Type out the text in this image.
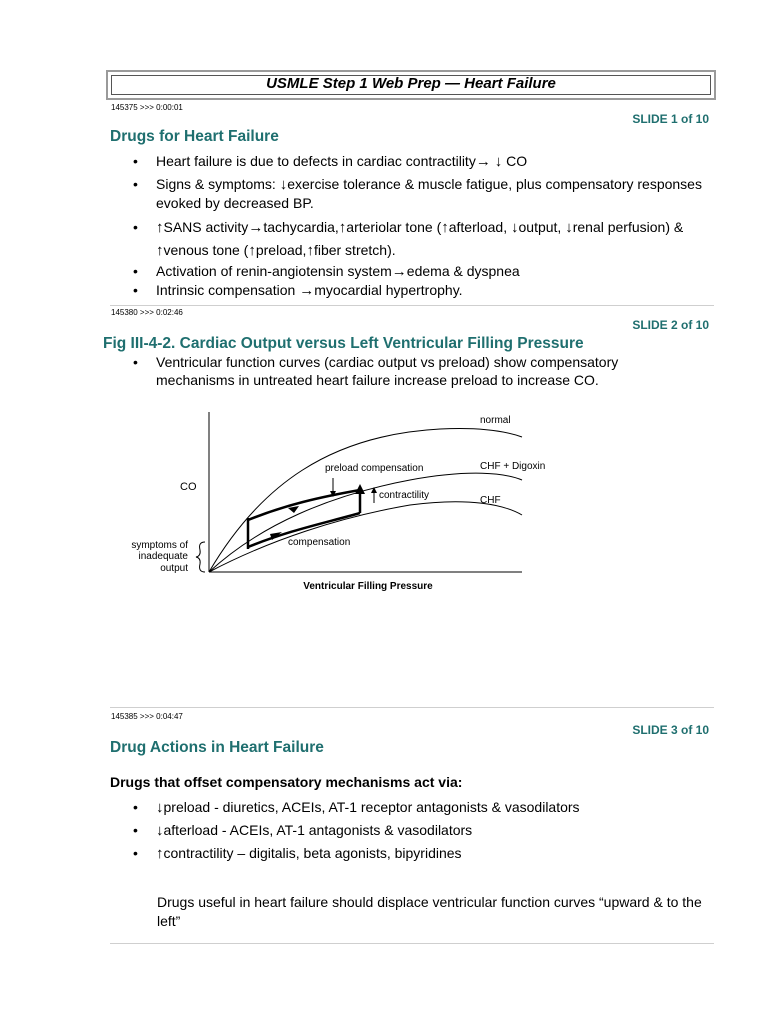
USMLE Step 1 Web Prep — Heart Failure
145375 >>> 0:00:01
SLIDE 1 of 10
Drugs for Heart Failure
• Heart failure is due to defects in cardiac contractility→ ↓ CO
• Signs & symptoms: ↓exercise tolerance & muscle fatigue, plus compensatory responses evoked by decreased BP.
• ↑SANS activity→tachycardia,↑arteriolar tone (↑afterload, ↓output, ↓renal perfusion) & ↑venous tone (↑preload,↑fiber stretch).
• Activation of renin-angiotensin system→edema & dyspnea
• Intrinsic compensation →myocardial hypertrophy.
145380 >>> 0:02:46
SLIDE 2 of 10
Fig III-4-2. Cardiac Output versus Left Ventricular Filling Pressure
• Ventricular function curves (cardiac output vs preload) show compensatory mechanisms in untreated heart failure increase preload to increase CO.
normal
CHF + Digoxin
CHF
preload compensation
contractility
compensation
CO
symptoms of
inadequate
output
Ventricular Filling Pressure
145385 >>> 0:04:47
SLIDE 3 of 10
Drug Actions in Heart Failure
Drugs that offset compensatory mechanisms act via:
• ↓preload - diuretics, ACEIs, AT-1 receptor antagonists & vasodilators
• ↓afterload - ACEIs, AT-1 antagonists & vasodilators
• ↑contractility – digitalis, beta agonists, bipyridines
Drugs useful in heart failure should displace ventricular function curves “upward & to the left”
